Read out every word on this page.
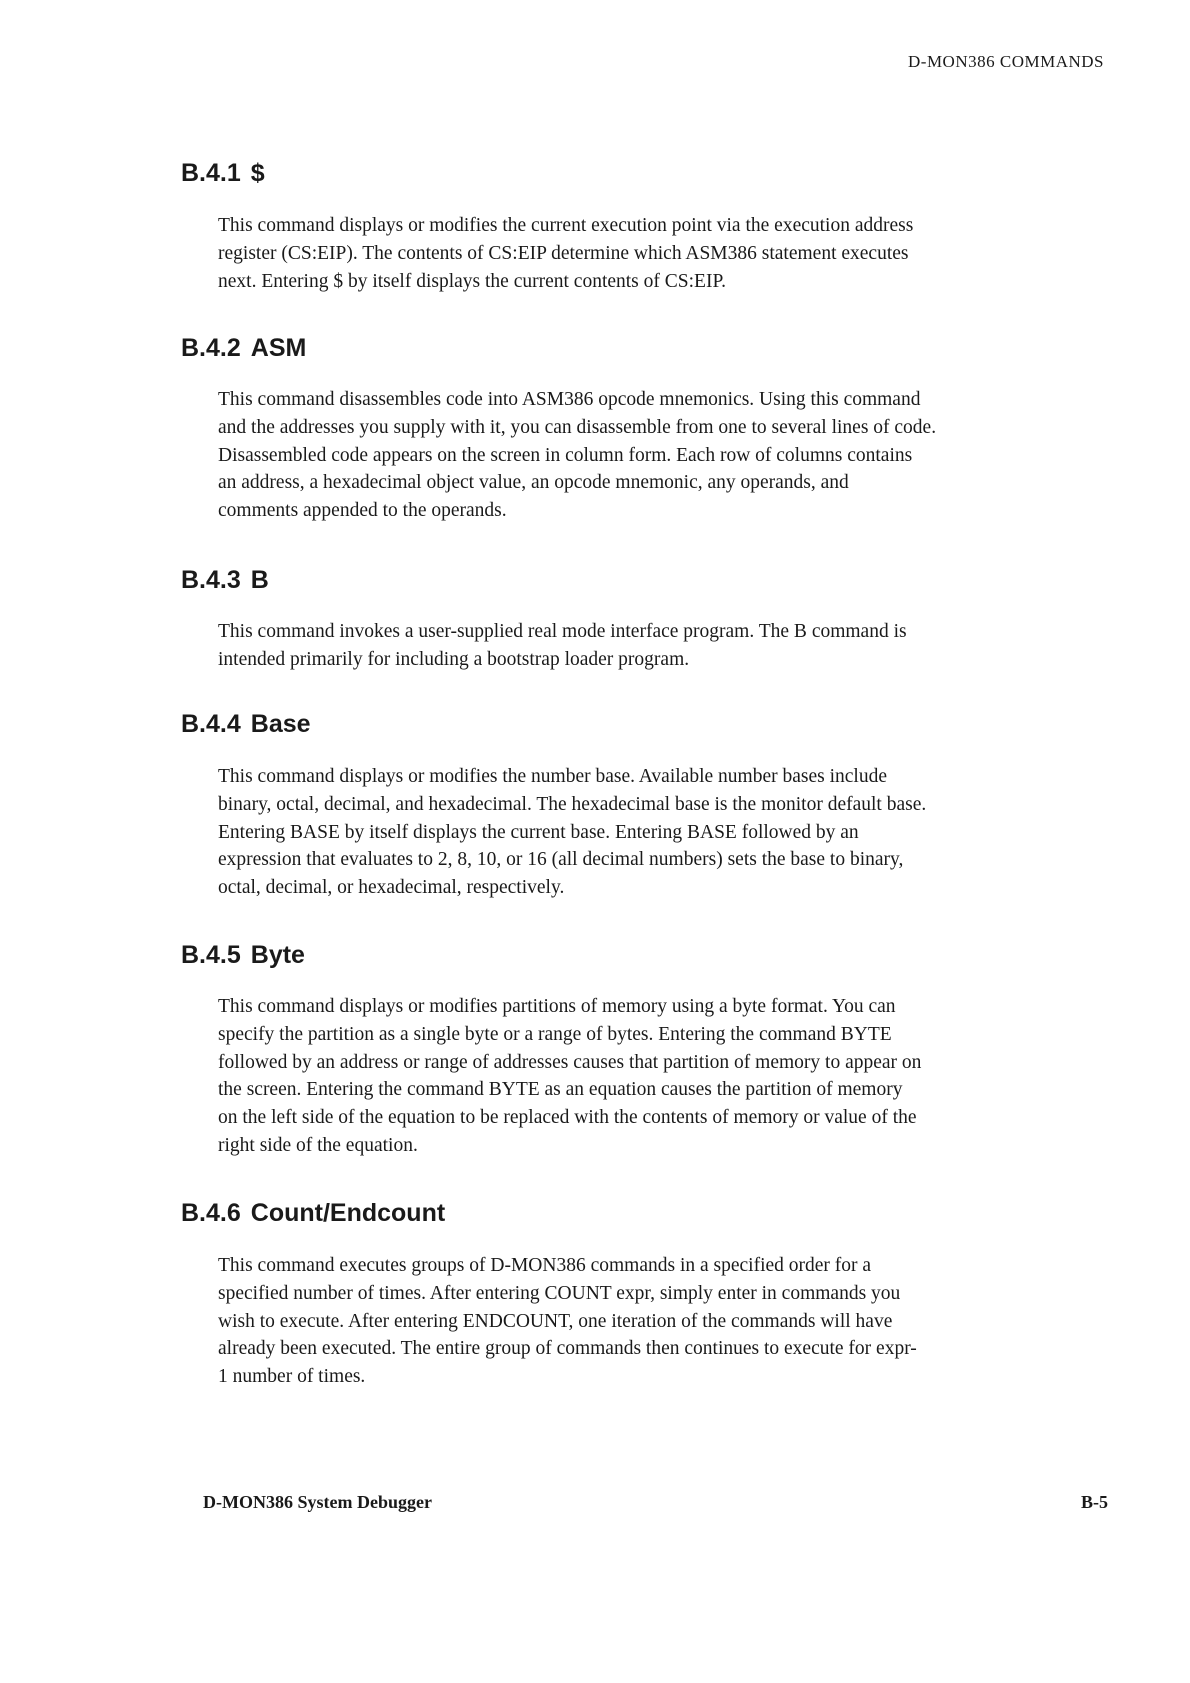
D-MON386 COMMANDS
B.4.1 $

This command displays or modifies the current execution point via the execution address
register (CS:EIP). The contents of CS:EIP determine which ASM386 statement executes
next. Entering $ by itself displays the current contents of CS:EIP.

B.4.2 ASM

This command disassembles code into ASM386 opcode mnemonics. Using this command
and the addresses you supply with it, you can disassemble from one to several lines of code.
Disassembled code appears on the screen in column form. Each row of columns contains
an address, a hexadecimal object value, an opcode mnemonic, any operands, and
comments appended to the operands.

B.4.3 B

This command invokes a user-supplied real mode interface program. The B command is
intended primarily for including a bootstrap loader program.

B.4.4 Base

This command displays or modifies the number base. Available number bases include
binary, octal, decimal, and hexadecimal. The hexadecimal base is the monitor default base.
Entering BASE by itself displays the current base. Entering BASE followed by an
expression that evaluates to 2, 8, 10, or 16 (all decimal numbers) sets the base to binary,
octal, decimal, or hexadecimal, respectively.

B.4.5 Byte

This command displays or modifies partitions of memory using a byte format. You can
specify the partition as a single byte or a range of bytes. Entering the command BYTE
followed by an address or range of addresses causes that partition of memory to appear on
the screen. Entering the command BYTE as an equation causes the partition of memory
on the left side of the equation to be replaced with the contents of memory or value of the
right side of the equation.

B.4.6 Count/Endcount

This command executes groups of D-MON386 commands in a specified order for a
specified number of times. After entering COUNT expr, simply enter in commands you
wish to execute. After entering ENDCOUNT, one iteration of the commands will have
already been executed. The entire group of commands then continues to execute for expr-
1 number of times.

D-MON386 System Debugger	B-5
